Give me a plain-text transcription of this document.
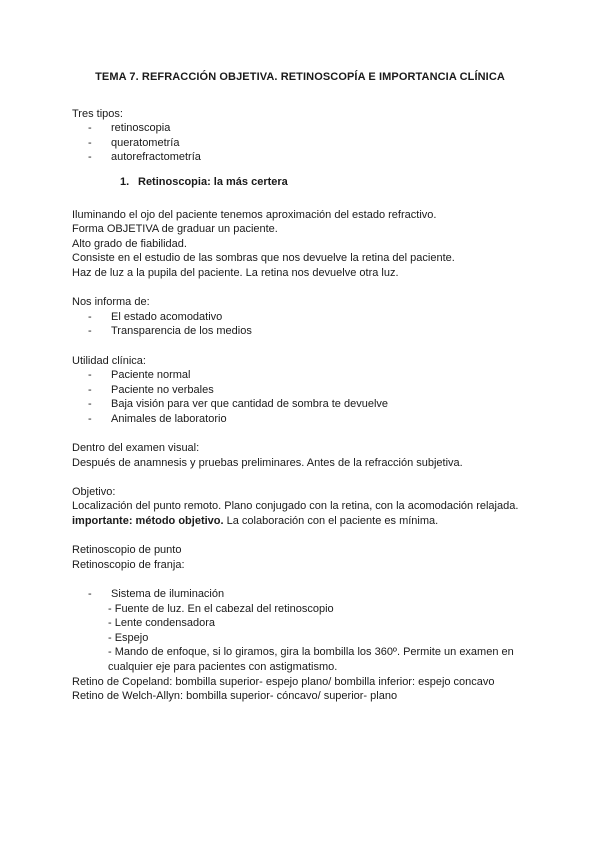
TEMA 7. REFRACCIÓN OBJETIVA. RETINOSCOPÍA E IMPORTANCIA CLÍNICA

Tres tipos:

- retinoscopia
- queratometría
- autorefractometría

1. Retinoscopia: la más certera

Iluminando el ojo del paciente tenemos aproximación del estado refractivo.

Forma OBJETIVA de graduar un paciente.

Alto grado de fiabilidad.

Consiste en el estudio de las sombras que nos devuelve la retina del paciente.

Haz de luz a la pupila del paciente. La retina nos devuelve otra luz.

Nos informa de:

- El estado acomodativo
- Transparencia de los medios

Utilidad clínica:

- Paciente normal
- Paciente no verbales
- Baja visión para ver que cantidad de sombra te devuelve
- Animales de laboratorio

Dentro del examen visual:

Después de anamnesis y pruebas preliminares. Antes de la refracción subjetiva.

Objetivo:

Localización del punto remoto. Plano conjugado con la retina, con la acomodación relajada.

importante: método objetivo. La colaboración con el paciente es mínima.

Retinoscopio de punto

Retinoscopio de franja:

- Sistema de iluminación

- Fuente de luz. En el cabezal del retinoscopio

- Lente condensadora

- Espejo

- Mando de enfoque, si lo giramos, gira la bombilla los 360º. Permite un examen en

cualquier eje para pacientes con astigmatismo.

Retino de Copeland: bombilla superior- espejo plano/ bombilla inferior: espejo concavo

Retino de Welch-Allyn: bombilla superior- cóncavo/ superior- plano
